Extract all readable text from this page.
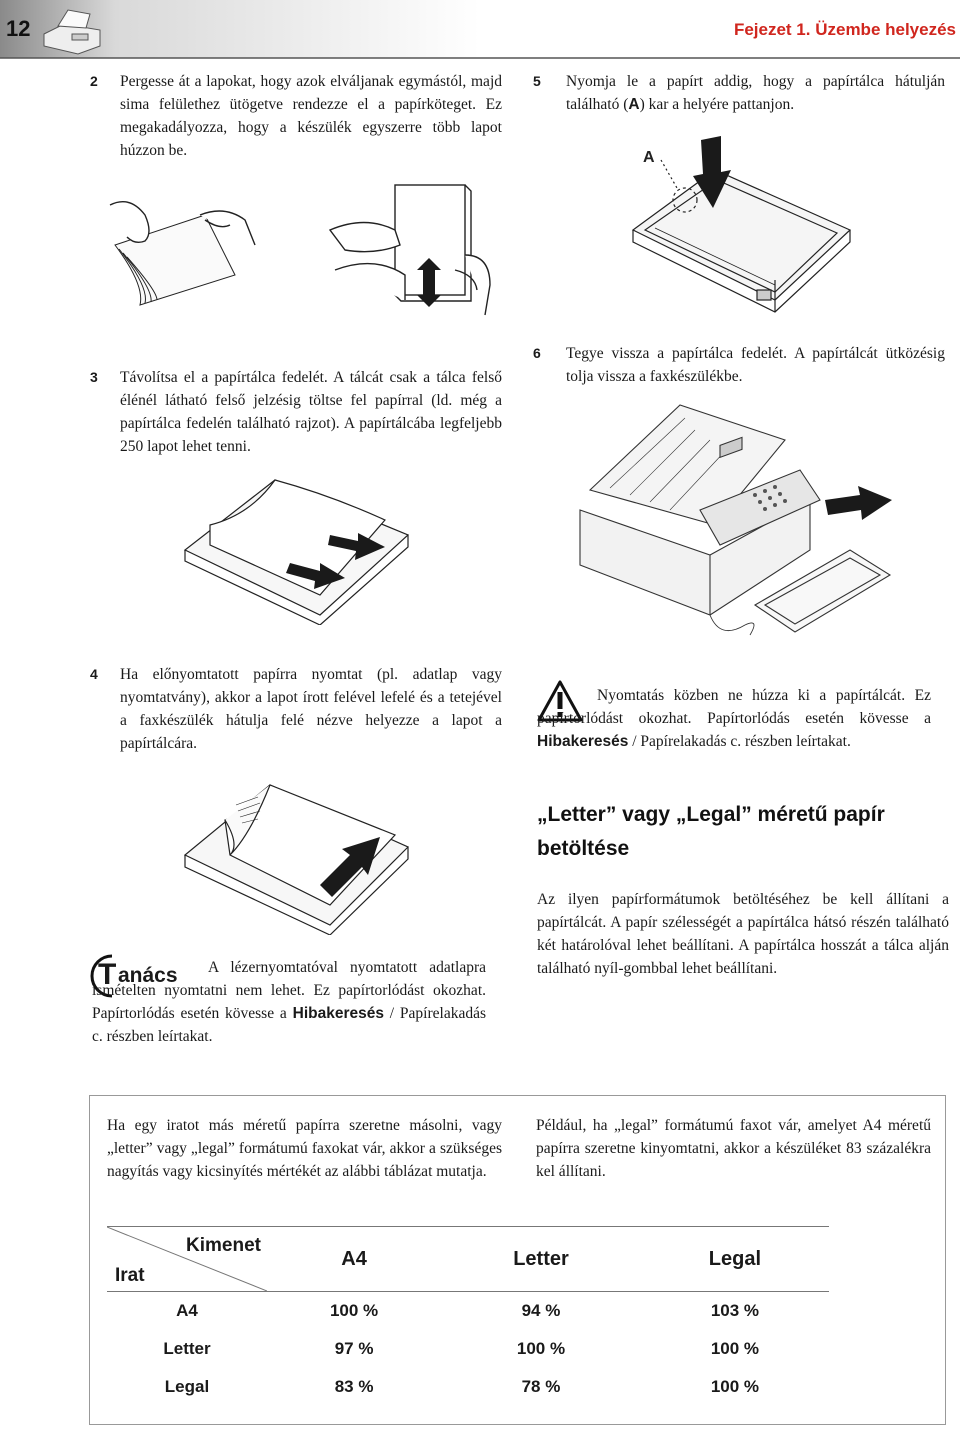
12	Fejezet 1. Üzembe helyezés
2 Pergesse át a lapokat, hogy azok elváljanak egymástól, majd sima felülethez ütögetve rendezze el a papírköteget. Ez megakadályozza, hogy a készülék egyszerre több lapot húzzon be.
5 Nyomja le a papírt addig, hogy a papírtálca hátulján található (A) kar a helyére pattanjon.
A
3 Távolítsa el a papírtálca fedelét. A tálcát csak a tálca felső élénél látható felső jelzésig töltse fel papírral (ld. még a papírtálca fedelén található rajzot). A papírtálcába legfeljebb 250 lapot lehet tenni.
6 Tegye vissza a papírtálca fedelét. A papírtálcát ütközésig tolja vissza a faxkészülékbe.
4 Ha előnyomtatott papírra nyomtat (pl. adatlap vagy nyomtatvány), akkor a lapot írott felével lefelé és a tetejével a faxkészülék hátulja felé nézve helyezze a lapot a papírtálcára.
Nyomtatás közben ne húzza ki a papírtálcát. Ez papírtorlódást okozhat. Papírtorlódás esetén kövesse a Hibakeresés / Papírelakadás c. részben leírtakat.
„Letter” vagy „Legal” méretű papír betöltése
Az ilyen papírformátumok betöltéséhez be kell állítani a papírtálcát. A papír szélességét a papírtálca hátsó részén található két határolóval lehet beállítani. A papírtálca hosszát a tálca alján található nyíl-gombbal lehet beállítani.
T anács	A lézernyomtatóval nyomtatott adatlapra ismételten nyomtatni nem lehet. Ez papírtorlódást okozhat. Papírtorlódás esetén kövesse a Hibakeresés / Papírelakadás c. részben leírtakat.
Ha egy iratot más méretű papírra szeretne másolni, vagy „letter” vagy „legal” formátumú faxokat vár, akkor a szükséges nagyítás vagy kicsinyítés mértékét az alábbi táblázat mutatja.
Például, ha „legal” formátumú faxot vár, amelyet A4 méretű papírra szeretne kinyomtatni, akkor a készüléket 83 százalékra kel állítani.
Kimenet
Irat	A4	Letter	Legal
A4	100 %	94 %	103 %
Letter	97 %	100 %	100 %
Legal	83 %	78 %	100 %
